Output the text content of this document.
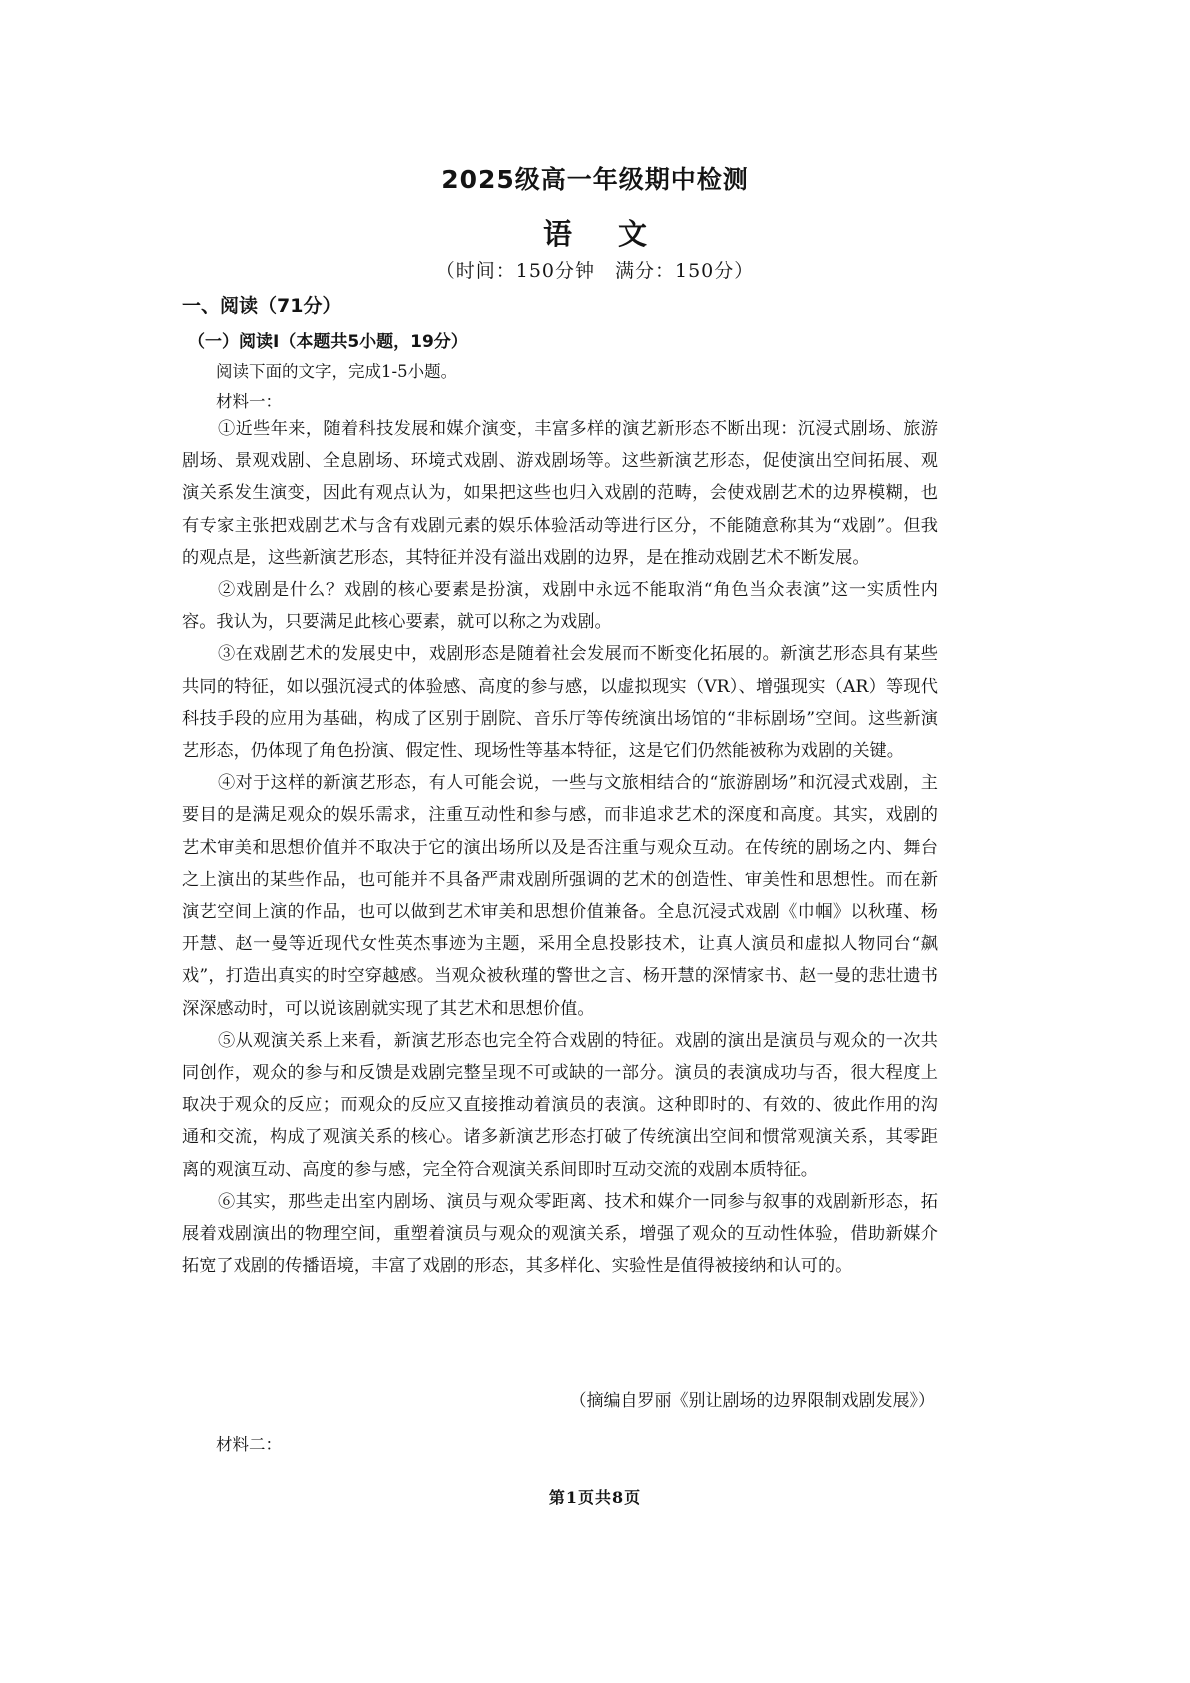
2025级高一年级期中检测
语文
（时间：150分钟　满分：150分）
一、阅读（71分）
（一）阅读Ⅰ（本题共5小题，19分）
阅读下面的文字，完成1-5小题。
材料一：

①近些年来，随着科技发展和媒介演变，丰富多样的演艺新形态不断出现：沉浸式剧场、旅游剧场、景观戏剧、全息剧场、环境式戏剧、游戏剧场等。这些新演艺形态，促使演出空间拓展、观演关系发生演变，因此有观点认为，如果把这些也归入戏剧的范畴，会使戏剧艺术的边界模糊，也有专家主张把戏剧艺术与含有戏剧元素的娱乐体验活动等进行区分，不能随意称其为“戏剧”。但我的观点是，这些新演艺形态，其特征并没有溢出戏剧的边界，是在推动戏剧艺术不断发展。

②戏剧是什么？戏剧的核心要素是扮演，戏剧中永远不能取消“角色当众表演”这一实质性内容。我认为，只要满足此核心要素，就可以称之为戏剧。

③在戏剧艺术的发展史中，戏剧形态是随着社会发展而不断变化拓展的。新演艺形态具有某些共同的特征，如以强沉浸式的体验感、高度的参与感，以虚拟现实（VR）、增强现实（AR）等现代科技手段的应用为基础，构成了区别于剧院、音乐厅等传统演出场馆的“非标剧场”空间。这些新演艺形态，仍体现了角色扮演、假定性、现场性等基本特征，这是它们仍然能被称为戏剧的关键。

④对于这样的新演艺形态，有人可能会说，一些与文旅相结合的“旅游剧场”和沉浸式戏剧，主要目的是满足观众的娱乐需求，注重互动性和参与感，而非追求艺术的深度和高度。其实，戏剧的艺术审美和思想价值并不取决于它的演出场所以及是否注重与观众互动。在传统的剧场之内、舞台之上演出的某些作品，也可能并不具备严肃戏剧所强调的艺术的创造性、审美性和思想性。而在新演艺空间上演的作品，也可以做到艺术审美和思想价值兼备。全息沉浸式戏剧《巾帼》以秋瑾、杨开慧、赵一曼等近现代女性英杰事迹为主题，采用全息投影技术，让真人演员和虚拟人物同台“飙戏”，打造出真实的时空穿越感。当观众被秋瑾的警世之言、杨开慧的深情家书、赵一曼的悲壮遗书深深感动时，可以说该剧就实现了其艺术和思想价值。

⑤从观演关系上来看，新演艺形态也完全符合戏剧的特征。戏剧的演出是演员与观众的一次共同创作，观众的参与和反馈是戏剧完整呈现不可或缺的一部分。演员的表演成功与否，很大程度上取决于观众的反应；而观众的反应又直接推动着演员的表演。这种即时的、有效的、彼此作用的沟通和交流，构成了观演关系的核心。诸多新演艺形态打破了传统演出空间和惯常观演关系，其零距离的观演互动、高度的参与感，完全符合观演关系间即时互动交流的戏剧本质特征。

⑥其实，那些走出室内剧场、演员与观众零距离、技术和媒介一同参与叙事的戏剧新形态，拓展着戏剧演出的物理空间，重塑着演员与观众的观演关系，增强了观众的互动性体验，借助新媒介拓宽了戏剧的传播语境，丰富了戏剧的形态，其多样化、实验性是值得被接纳和认可的。

（摘编自罗丽《别让剧场的边界限制戏剧发展》）
材料二：
第1页共8页
